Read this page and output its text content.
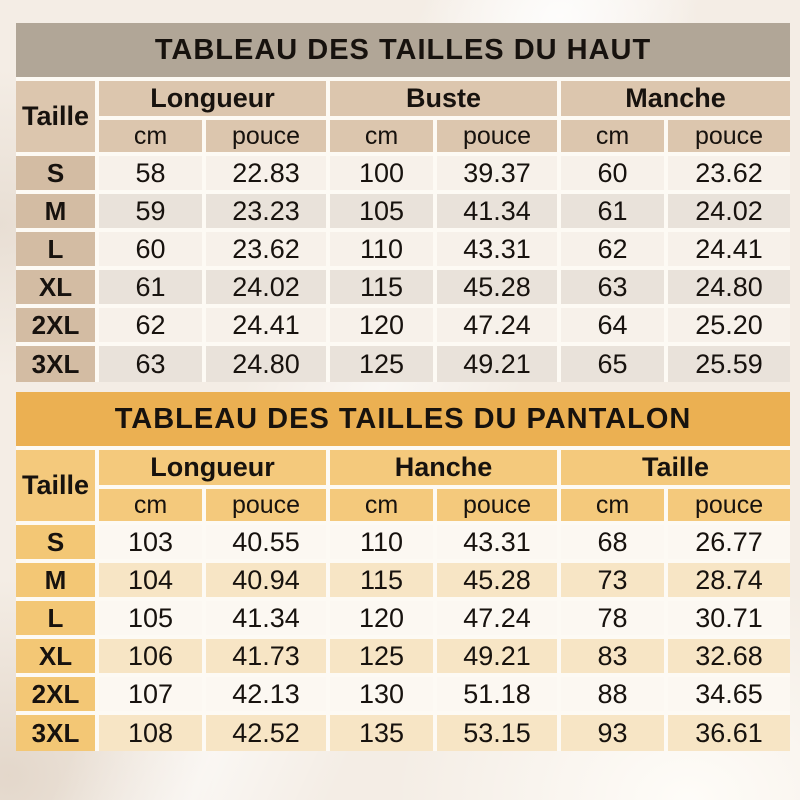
TABLEAU DES TAILLES DU HAUT						
Taille	Longueur		Buste		Manche	
	cm	pouce	cm	pouce	cm	pouce
S	58	22.83	100	39.37	60	23.62
M	59	23.23	105	41.34	61	24.02
L	60	23.62	110	43.31	62	24.41
XL	61	24.02	115	45.28	63	24.80
2XL	62	24.41	120	47.24	64	25.20
3XL	63	24.80	125	49.21	65	25.59
TABLEAU DES TAILLES DU PANTALON						
Taille	Longueur		Hanche		Taille	
	cm	pouce	cm	pouce	cm	pouce
S	103	40.55	110	43.31	68	26.77
M	104	40.94	115	45.28	73	28.74
L	105	41.34	120	47.24	78	30.71
XL	106	41.73	125	49.21	83	32.68
2XL	107	42.13	130	51.18	88	34.65
3XL	108	42.52	135	53.15	93	36.61
